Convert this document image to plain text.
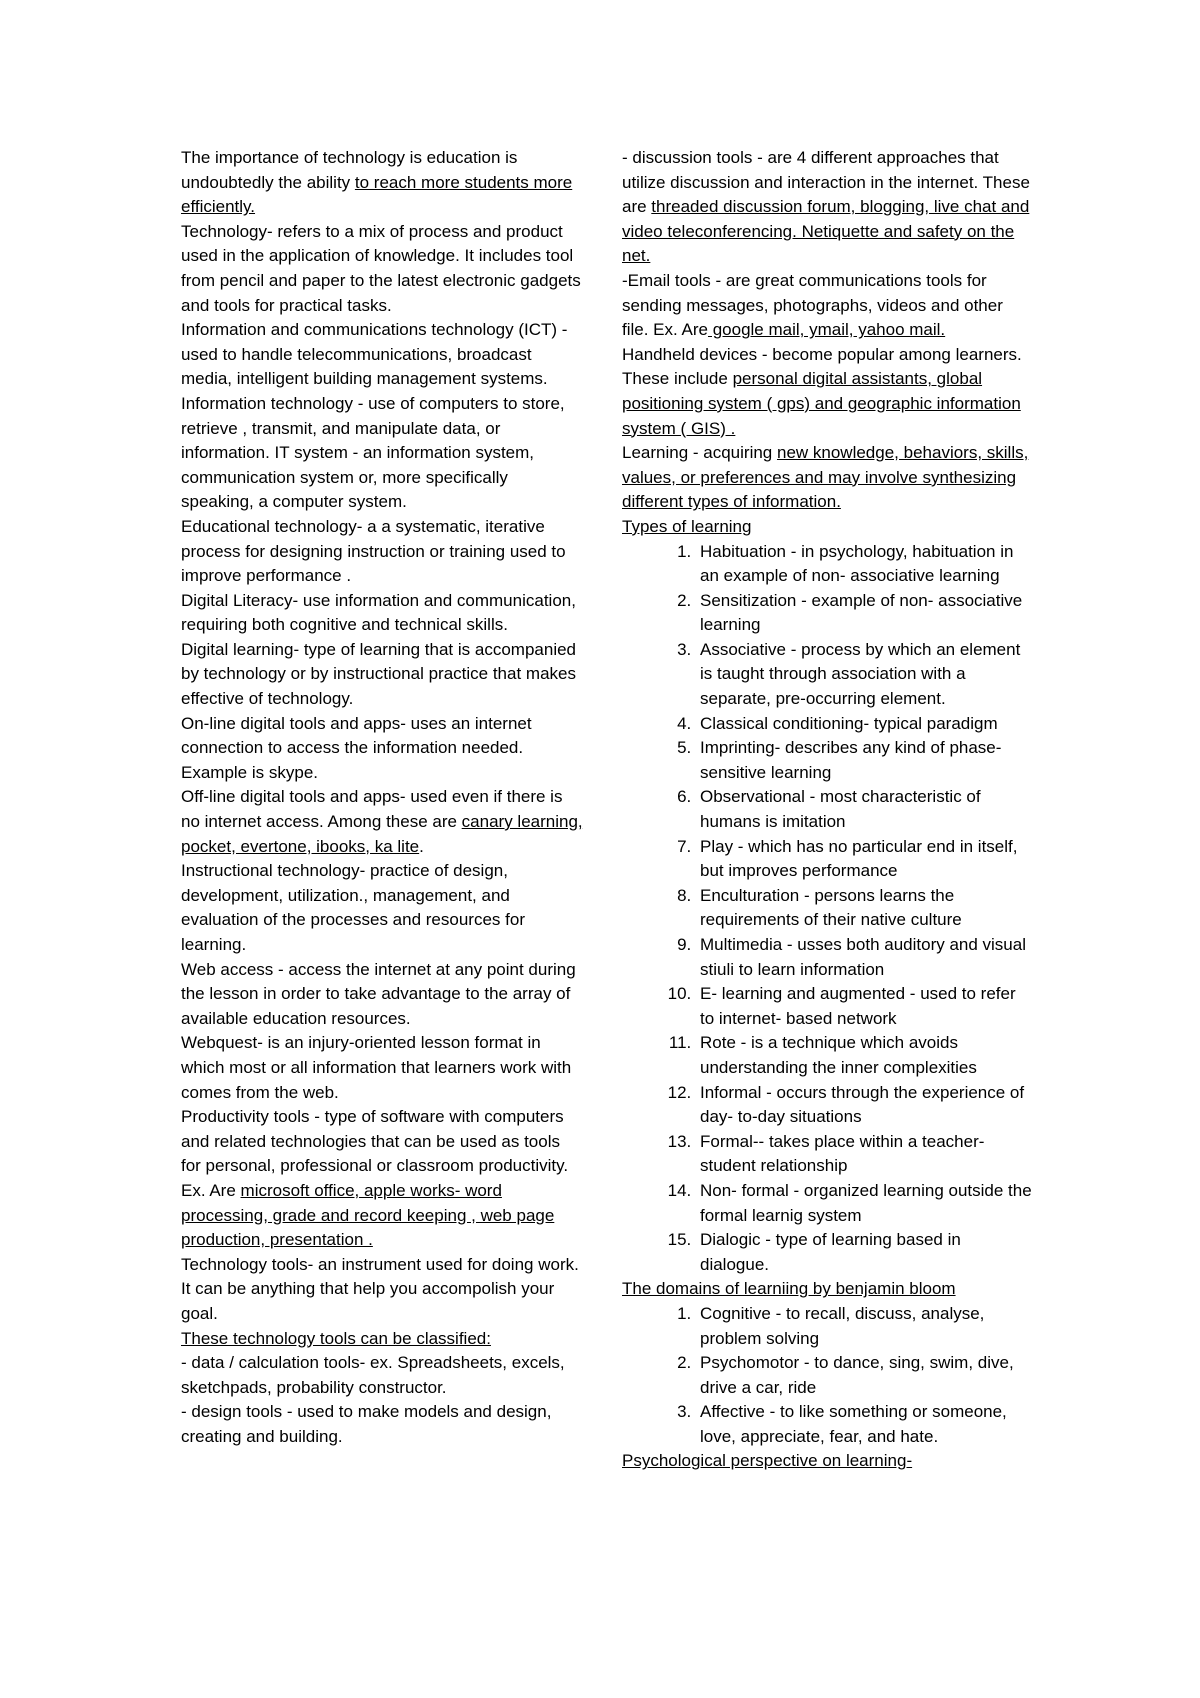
The importance of technology is education is undoubtedly the ability to reach more students more efficiently.

Technology- refers to a mix of process and product used in the application of knowledge. It includes tool from pencil and paper to the latest electronic gadgets and tools for practical tasks.

Information and communications technology (ICT) - used to handle telecommunications, broadcast media, intelligent building management systems.

Information technology - use of computers to store, retrieve , transmit, and manipulate data, or information. IT system - an information system, communication system or, more specifically speaking, a computer system.

Educational technology- a a systematic, iterative process for designing instruction or training used to improve performance .

Digital Literacy- use information and communication, requiring both cognitive and technical skills.

Digital learning- type of learning that is accompanied by technology or by instructional practice that makes effective of technology.

On-line digital tools and apps- uses an internet connection to access the information needed. Example is skype.

Off-line digital tools and apps- used even if there is no internet access. Among these are canary learning, pocket, evertone, ibooks, ka lite.

Instructional technology- practice of design, development, utilization., management, and evaluation of the processes and resources for learning.

Web access - access the internet at any point during the lesson in order to take advantage to the array of available education resources.

Webquest- is an injury-oriented lesson format in which most or all information that learners work with comes from the web.

Productivity tools - type of software with computers and related technologies that can be used as tools for personal, professional or classroom productivity. Ex. Are microsoft office, apple works- word processing, grade and record keeping , web page production, presentation .

Technology tools- an instrument used for doing work. It can be anything that help you accompolish your goal.

These technology tools can be classified:

- data / calculation tools- ex. Spreadsheets, excels, sketchpads, probability constructor.

- design tools - used to make models and design, creating and building.

- discussion tools - are 4 different approaches that utilize discussion and interaction in the internet. These are threaded discussion forum, blogging, live chat and video teleconferencing. Netiquette and safety on the net.

-Email tools - are great communications tools for sending messages, photographs, videos and other file. Ex. Are google mail, ymail, yahoo mail.

Handheld devices - become popular among learners. These include personal digital assistants, global positioning system ( gps) and geographic information system ( GIS) .

Learning - acquiring new knowledge, behaviors, skills, values, or preferences and may involve synthesizing different types of information.

Types of learning

1. Habituation - in psychology, habituation in an example of non- associative learning
2. Sensitization - example of non- associative learning
3. Associative - process by which an element is taught through association with a separate, pre-occurring element.
4. Classical conditioning- typical paradigm
5. Imprinting- describes any kind of phase- sensitive learning
6. Observational - most characteristic of humans is imitation
7. Play - which has no particular end in itself, but improves performance
8. Enculturation - persons learns the requirements of their native culture
9. Multimedia - usses both auditory and visual stiuli to learn information
10. E- learning and augmented - used to refer to internet- based network
11. Rote - is a technique which avoids understanding the inner complexities
12. Informal - occurs through the experience of day- to-day situations
13. Formal-- takes place within a teacher- student relationship
14. Non- formal - organized learning outside the formal learnig system
15. Dialogic - type of learning based in dialogue.

The domains of learniing by benjamin bloom

1. Cognitive - to recall, discuss, analyse, problem solving
2. Psychomotor - to dance, sing, swim, dive, drive a car, ride
3. Affective - to like something or someone, love, appreciate, fear, and hate.

Psychological perspective on learning-
